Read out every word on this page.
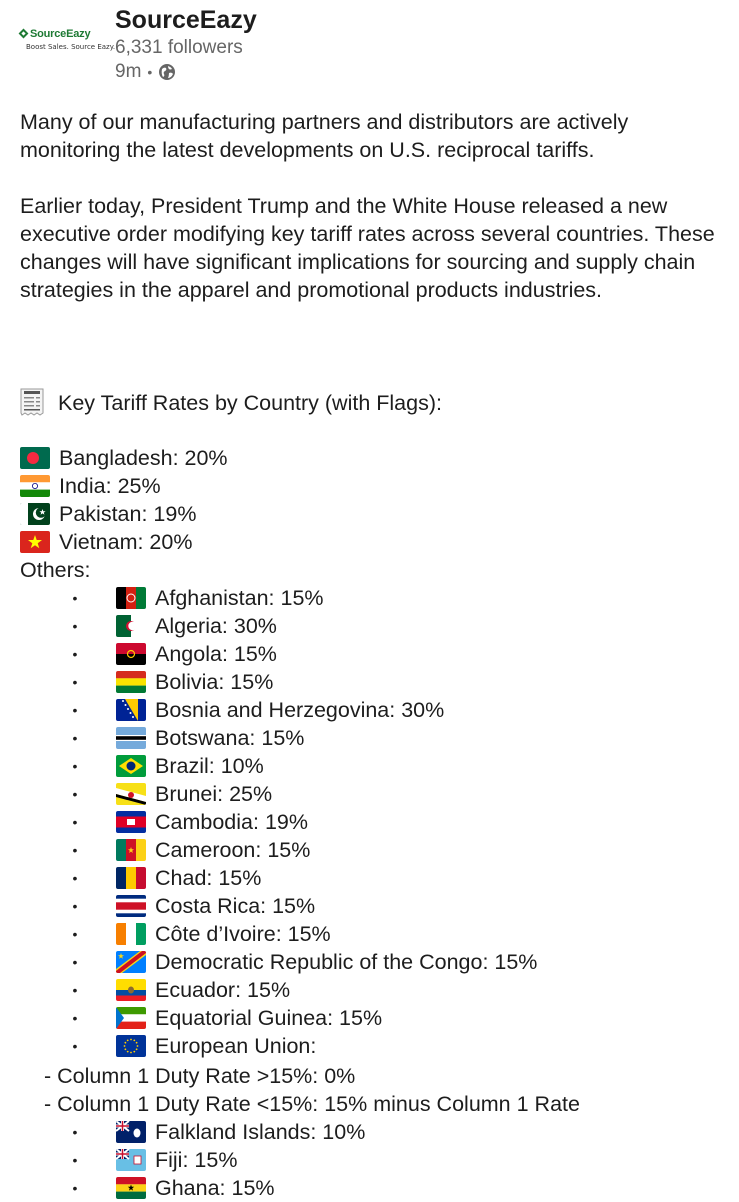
SourceEazy
Boost Sales. Source Eazy.
SourceEazy
6,331 followers
9m •
Many of our manufacturing partners and distributors are actively monitoring the latest developments on U.S. reciprocal tariffs.
Earlier today, President Trump and the White House released a new executive order modifying key tariff rates across several countries. These changes will have significant implications for sourcing and supply chain strategies in the apparel and promotional products industries.
Key Tariff Rates by Country (with Flags):
Bangladesh: 20%
India: 25%
Pakistan: 19%
Vietnam: 20%
Others:
•	Afghanistan: 15%
•	Algeria: 30%
•	Angola: 15%
•	Bolivia: 15%
•	Bosnia and Herzegovina: 30%
•	Botswana: 15%
•	Brazil: 10%
•	Brunei: 25%
•	Cambodia: 19%
•	Cameroon: 15%
•	Chad: 15%
•	Costa Rica: 15%
•	Côte d’Ivoire: 15%
•	Democratic Republic of the Congo: 15%
•	Ecuador: 15%
•	Equatorial Guinea: 15%
•	European Union:
- Column 1 Duty Rate >15%: 0%
- Column 1 Duty Rate <15%: 15% minus Column 1 Rate
•	Falkland Islands: 10%
•	Fiji: 15%
•	Ghana: 15%
